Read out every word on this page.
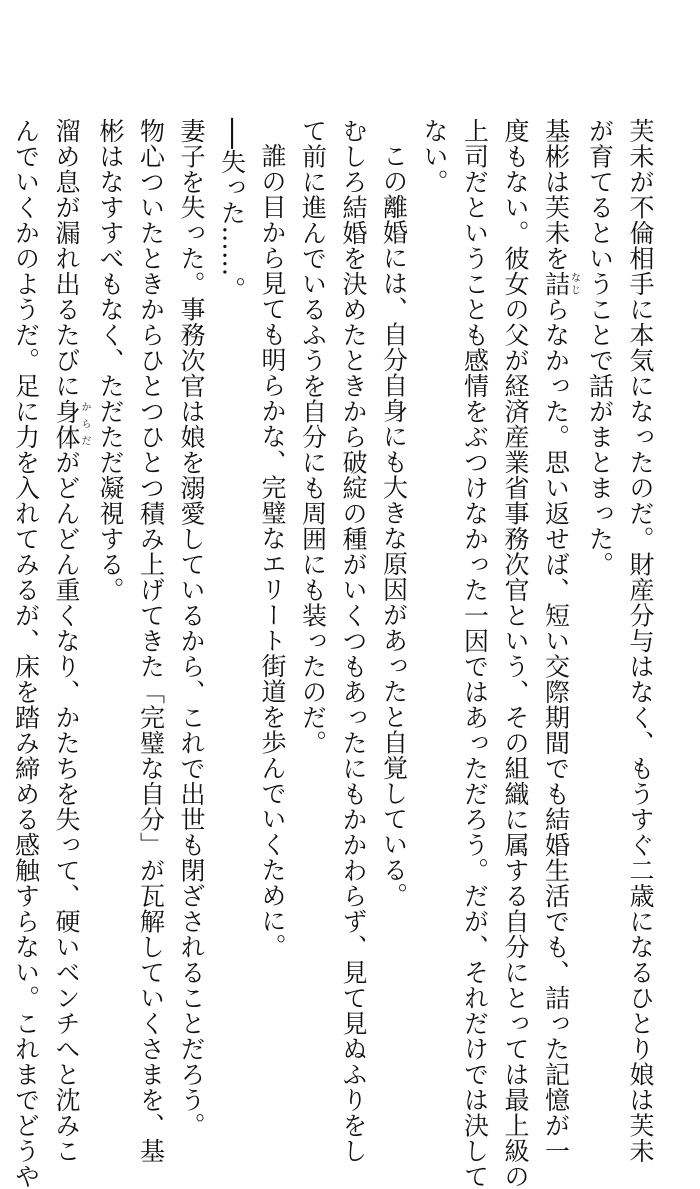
芙未が不倫相手に本気になったのだ。財産分与はなく、もうすぐ二歳になるひとり娘は芙未
が育てるということで話がまとまった。
基彬は芙未を詰なじらなかった。思い返せば、短い交際期間でも結婚生活でも、詰った記憶が一
度もない。彼女の父が経済産業省事務次官という、その組織に属する自分にとっては最上級の
上司だということも感情をぶつけなかった一因ではあっただろう。だが、それだけでは決して
ない。
この離婚には、自分自身にも大きな原因があったと自覚している。
むしろ結婚を決めたときから破綻の種がいくつもあったにもかかわらず、見て見ぬふりをし
て前に進んでいるふうを自分にも周囲にも装ったのだ。
誰の目から見ても明らかな、完璧なエリート街道を歩んでいくために。
──失った……。
妻子を失った。事務次官は娘を溺愛しているから、これで出世も閉ざされることだろう。
物心ついたときからひとつひとつ積み上げてきた「完璧な自分」が瓦解していくさまを、基
彬はなすすべもなく、ただただ凝視する。
溜め息が漏れ出るたびに身体からだがどんどん重くなり、かたちを失って、硬いベンチへと沈みこ
んでいくかのようだ。足に力を入れてみるが、床を踏み締める感触すらない。これまでどうや
